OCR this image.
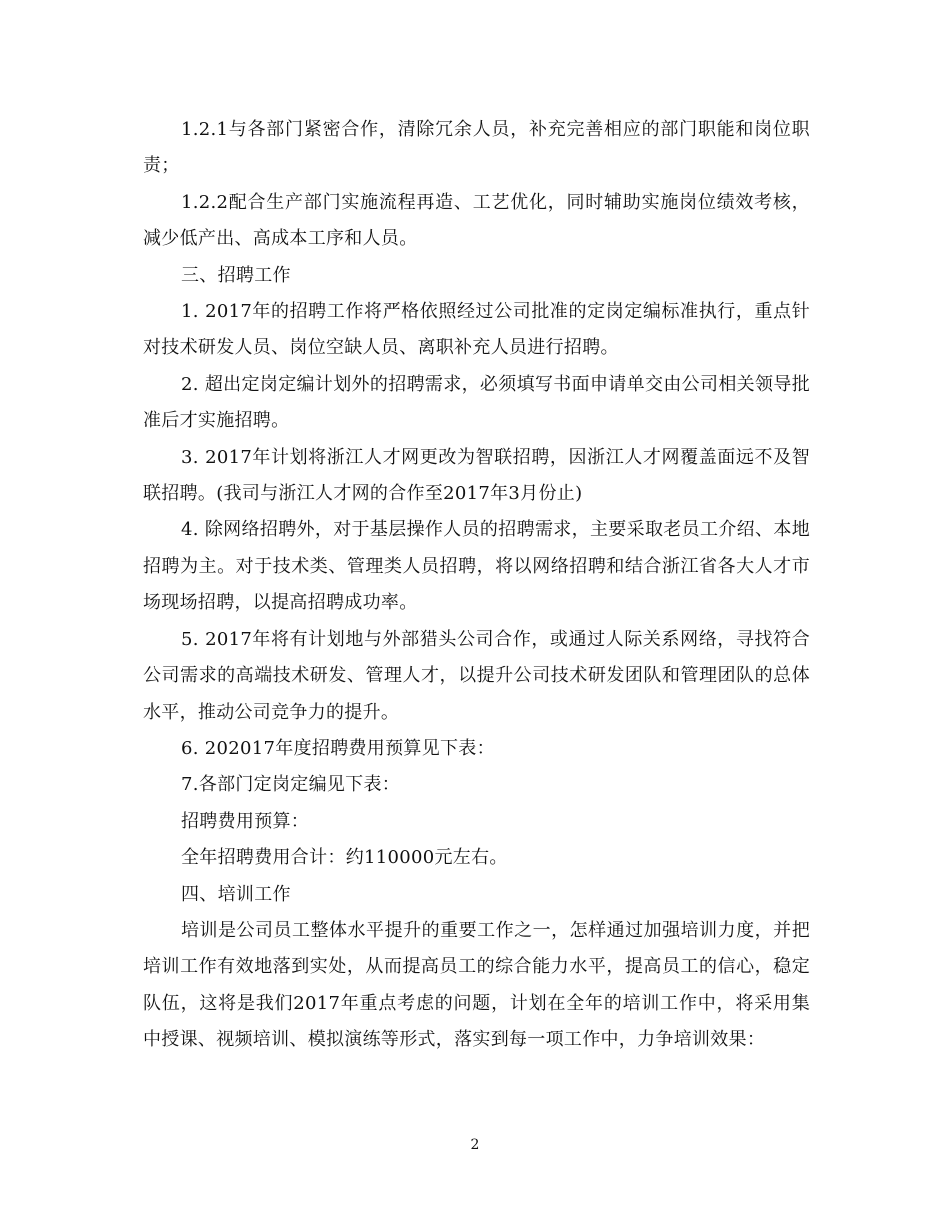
1.2.1与各部门紧密合作，清除冗余人员，补充完善相应的部门职能和岗位职责；

1.2.2配合生产部门实施流程再造、工艺优化，同时辅助实施岗位绩效考核，减少低产出、高成本工序和人员。

三、招聘工作

1. 2017年的招聘工作将严格依照经过公司批准的定岗定编标准执行，重点针对技术研发人员、岗位空缺人员、离职补充人员进行招聘。

2. 超出定岗定编计划外的招聘需求，必须填写书面申请单交由公司相关领导批准后才实施招聘。

3. 2017年计划将浙江人才网更改为智联招聘，因浙江人才网覆盖面远不及智联招聘。(我司与浙江人才网的合作至2017年3月份止)

4. 除网络招聘外，对于基层操作人员的招聘需求，主要采取老员工介绍、本地招聘为主。对于技术类、管理类人员招聘，将以网络招聘和结合浙江省各大人才市场现场招聘，以提高招聘成功率。

5. 2017年将有计划地与外部猎头公司合作，或通过人际关系网络，寻找符合公司需求的高端技术研发、管理人才，以提升公司技术研发团队和管理团队的总体水平，推动公司竞争力的提升。

6. 202017年度招聘费用预算见下表：

7.各部门定岗定编见下表：

招聘费用预算：

全年招聘费用合计：约110000元左右。

四、培训工作

培训是公司员工整体水平提升的重要工作之一，怎样通过加强培训力度，并把培训工作有效地落到实处，从而提高员工的综合能力水平，提高员工的信心，稳定队伍，这将是我们2017年重点考虑的问题，计划在全年的培训工作中，将采用集中授课、视频培训、模拟演练等形式，落实到每一项工作中，力争培训效果：

2
